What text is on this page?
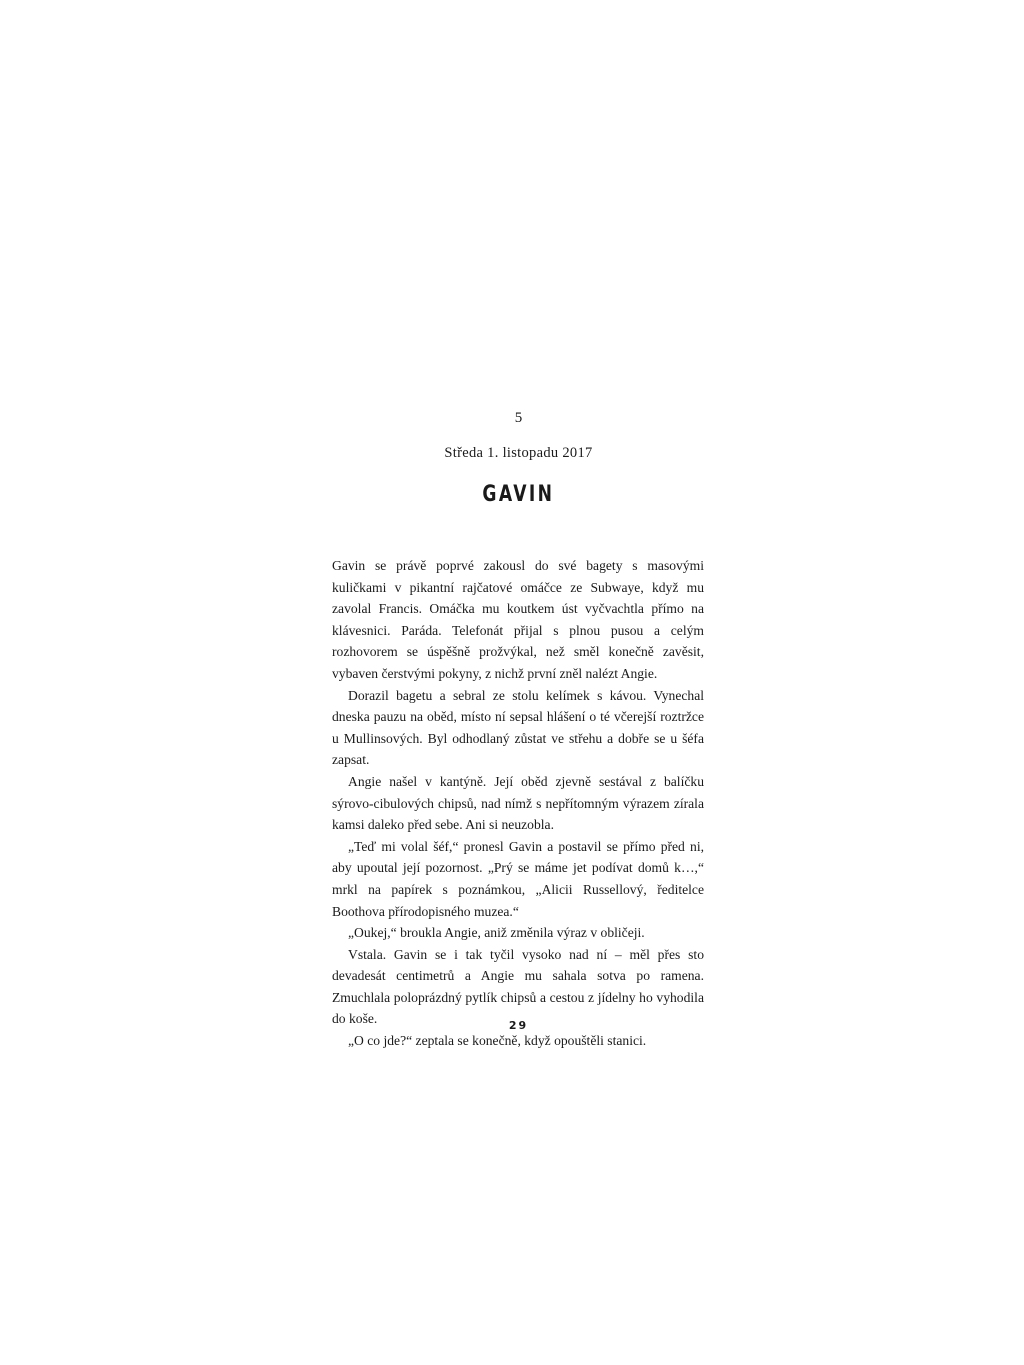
5
Středa 1. listopadu 2017
GAVIN

Gavin se právě poprvé zakousl do své bagety s masovými kuličkami v pikantní rajčatové omáčce ze Subwaye, když mu zavolal Francis. Omáčka mu koutkem úst vyčvachtla přímo na klávesnici. Paráda. Telefonát přijal s plnou pusou a celým rozhovorem se úspěšně prožvýkal, než směl konečně zavěsit, vybaven čerstvými pokyny, z nichž první zněl nalézt Angie.

Dorazil bagetu a sebral ze stolu kelímek s kávou. Vynechal dneska pauzu na oběd, místo ní sepsal hlášení o té včerejší roztržce u Mullinsových. Byl odhodlaný zůstat ve střehu a dobře se u šéfa zapsat.

Angie našel v kantýně. Její oběd zjevně sestával z balíčku sýrovo-cibulových chipsů, nad nímž s nepřítomným výrazem zírala kamsi daleko před sebe. Ani si neuzobla.

„Teď mi volal šéf,“ pronesl Gavin a postavil se přímo před ni, aby upoutal její pozornost. „Prý se máme jet podívat domů k…,“ mrkl na papírek s poznámkou, „Alicii Russellový, ředitelce Boothova přírodopisného muzea.“

„Oukej,“ broukla Angie, aniž změnila výraz v obličeji.

Vstala. Gavin se i tak tyčil vysoko nad ní – měl přes sto devadesát centimetrů a Angie mu sahala sotva po ramena. Zmuchlala poloprázdný pytlík chipsů a cestou z jídelny ho vyhodila do koše.

„O co jde?“ zeptala se konečně, když opouštěli stanici.

29
